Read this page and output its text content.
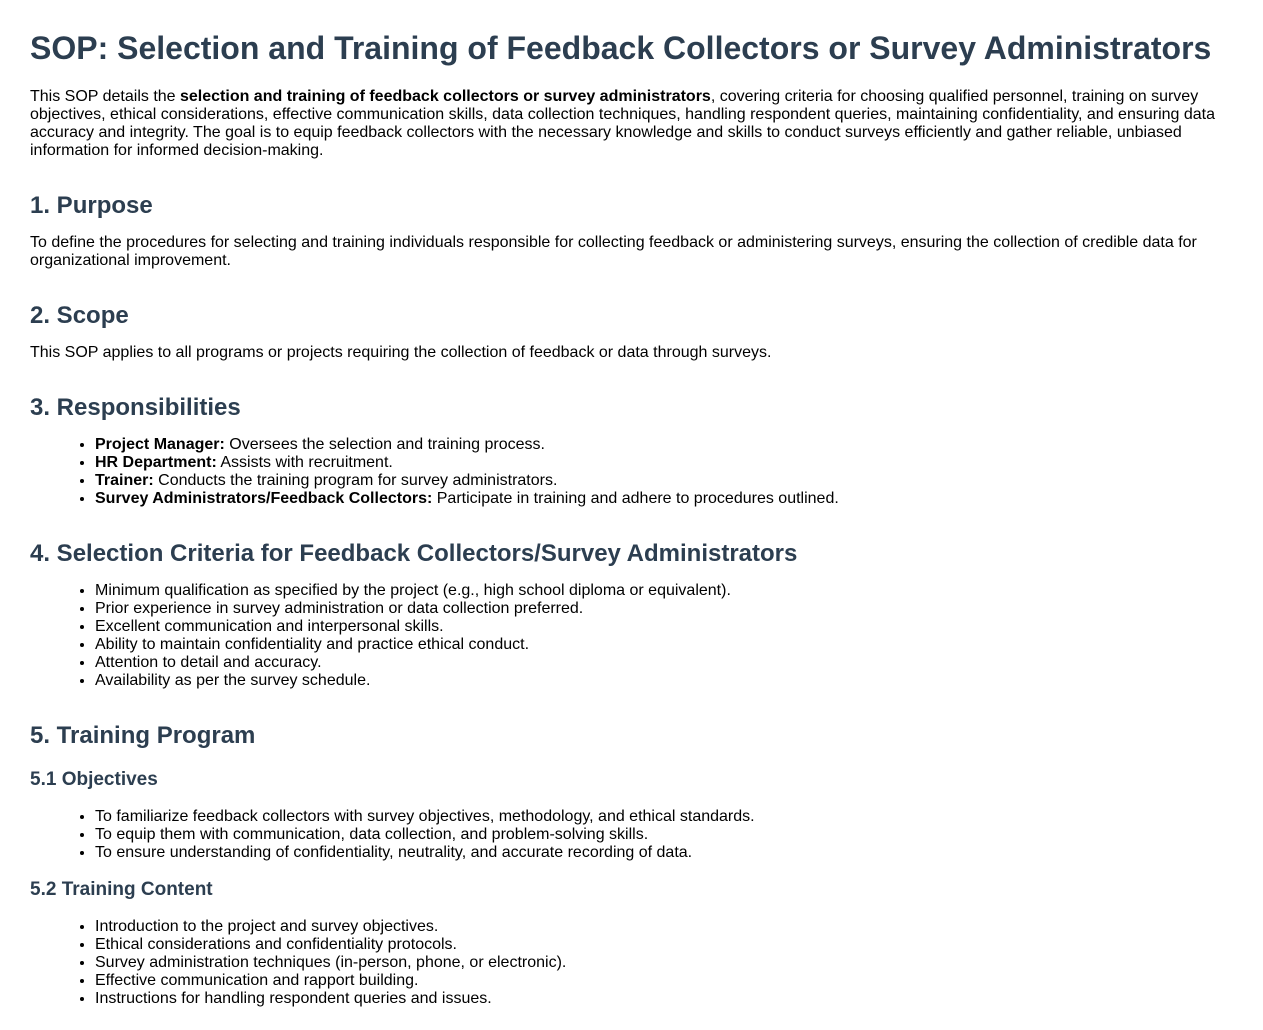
SOP: Selection and Training of Feedback Collectors or Survey Administrators

This SOP details the selection and training of feedback collectors or survey administrators, covering criteria for choosing qualified personnel, training on survey objectives, ethical considerations, effective communication skills, data collection techniques, handling respondent queries, maintaining confidentiality, and ensuring data accuracy and integrity. The goal is to equip feedback collectors with the necessary knowledge and skills to conduct surveys efficiently and gather reliable, unbiased information for informed decision-making.

1. Purpose

To define the procedures for selecting and training individuals responsible for collecting feedback or administering surveys, ensuring the collection of credible data for organizational improvement.

2. Scope

This SOP applies to all programs or projects requiring the collection of feedback or data through surveys.

3. Responsibilities
• Project Manager: Oversees the selection and training process.
• HR Department: Assists with recruitment.
• Trainer: Conducts the training program for survey administrators.
• Survey Administrators/Feedback Collectors: Participate in training and adhere to procedures outlined.
4. Selection Criteria for Feedback Collectors/Survey Administrators
• Minimum qualification as specified by the project (e.g., high school diploma or equivalent).
• Prior experience in survey administration or data collection preferred.
• Excellent communication and interpersonal skills.
• Ability to maintain confidentiality and practice ethical conduct.
• Attention to detail and accuracy.
• Availability as per the survey schedule.
5. Training Program
5.1 Objectives
• To familiarize feedback collectors with survey objectives, methodology, and ethical standards.
• To equip them with communication, data collection, and problem-solving skills.
• To ensure understanding of confidentiality, neutrality, and accurate recording of data.
5.2 Training Content
• Introduction to the project and survey objectives.
• Ethical considerations and confidentiality protocols.
• Survey administration techniques (in-person, phone, or electronic).
• Effective communication and rapport building.
• Instructions for handling respondent queries and issues.
